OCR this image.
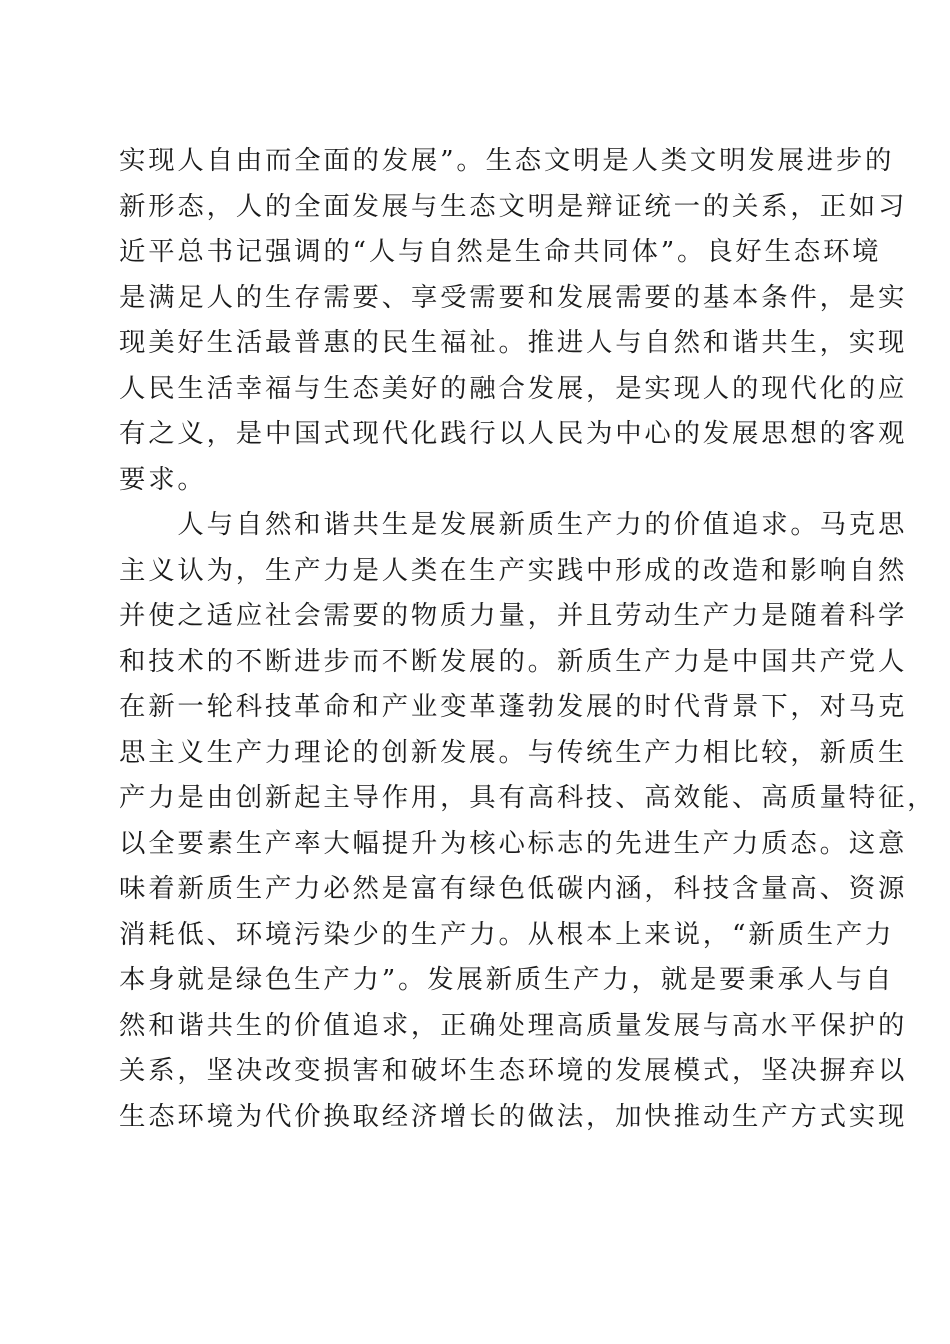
实现人自由而全面的发展”。生态文明是人类文明发展进步的
新形态，人的全面发展与生态文明是辩证统一的关系，正如习
近平总书记强调的“人与自然是生命共同体”。良好生态环境
是满足人的生存需要、享受需要和发展需要的基本条件，是实
现美好生活最普惠的民生福祉。推进人与自然和谐共生，实现
人民生活幸福与生态美好的融合发展，是实现人的现代化的应
有之义，是中国式现代化践行以人民为中心的发展思想的客观
要求。
　　人与自然和谐共生是发展新质生产力的价值追求。马克思
主义认为，生产力是人类在生产实践中形成的改造和影响自然
并使之适应社会需要的物质力量，并且劳动生产力是随着科学
和技术的不断进步而不断发展的。新质生产力是中国共产党人
在新一轮科技革命和产业变革蓬勃发展的时代背景下，对马克
思主义生产力理论的创新发展。与传统生产力相比较，新质生
产力是由创新起主导作用，具有高科技、高效能、高质量特征，
以全要素生产率大幅提升为核心标志的先进生产力质态。这意
味着新质生产力必然是富有绿色低碳内涵，科技含量高、资源
消耗低、环境污染少的生产力。从根本上来说，“新质生产力
本身就是绿色生产力”。发展新质生产力，就是要秉承人与自
然和谐共生的价值追求，正确处理高质量发展与高水平保护的
关系，坚决改变损害和破坏生态环境的发展模式，坚决摒弃以
生态环境为代价换取经济增长的做法，加快推动生产方式实现
